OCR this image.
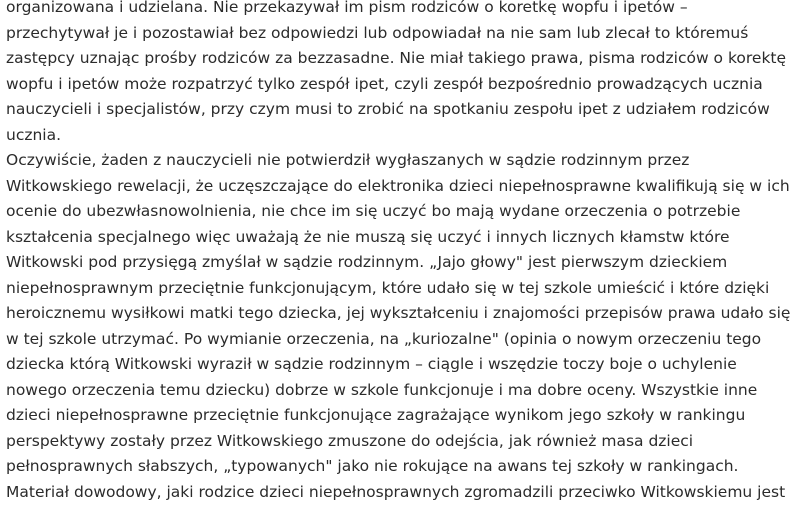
organizowana i udzielana. Nie przekazywał im pism rodziców o koretkę wopfu i ipetów –
przechytywał je i pozostawiał bez odpowiedzi lub odpowiadał na nie sam lub zlecał to któremuś
zastępcy uznając prośby rodziców za bezzasadne. Nie miał takiego prawa, pisma rodziców o korektę
wopfu i ipetów może rozpatrzyć tylko zespół ipet, czyli zespół bezpośrednio prowadzących ucznia
nauczycieli i specjalistów, przy czym musi to zrobić na spotkaniu zespołu ipet z udziałem rodziców
ucznia.
Oczywiście, żaden z nauczycieli nie potwierdził wygłaszanych w sądzie rodzinnym przez
Witkowskiego rewelacji, że uczęszczające do elektronika dzieci niepełnosprawne kwalifikują się w ich
ocenie do ubezwłasnowolnienia, nie chce im się uczyć bo mają wydane orzeczenia o potrzebie
kształcenia specjalnego więc uważają że nie muszą się uczyć i innych licznych kłamstw które
Witkowski pod przysięgą zmyślał w sądzie rodzinnym. „Jajo głowy" jest pierwszym dzieckiem
niepełnosprawnym przeciętnie funkcjonującym, które udało się w tej szkole umieścić i które dzięki
heroicznemu wysiłkowi matki tego dziecka, jej wykształceniu i znajomości przepisów prawa udało się
w tej szkole utrzymać. Po wymianie orzeczenia, na „kuriozalne" (opinia o nowym orzeczeniu tego
dziecka którą Witkowski wyraził w sądzie rodzinnym – ciągle i wszędzie toczy boje o uchylenie
nowego orzeczenia temu dziecku) dobrze w szkole funkcjonuje i ma dobre oceny. Wszystkie inne
dzieci niepełnosprawne przeciętnie funkcjonujące zagrażające wynikom jego szkoły w rankingu
perspektywy zostały przez Witkowskiego zmuszone do odejścia, jak również masa dzieci
pełnosprawnych słabszych, „typowanych" jako nie rokujące na awans tej szkoły w rankingach.
Materiał dowodowy, jaki rodzice dzieci niepełnosprawnych zgromadzili przeciwko Witkowskiemu jest
